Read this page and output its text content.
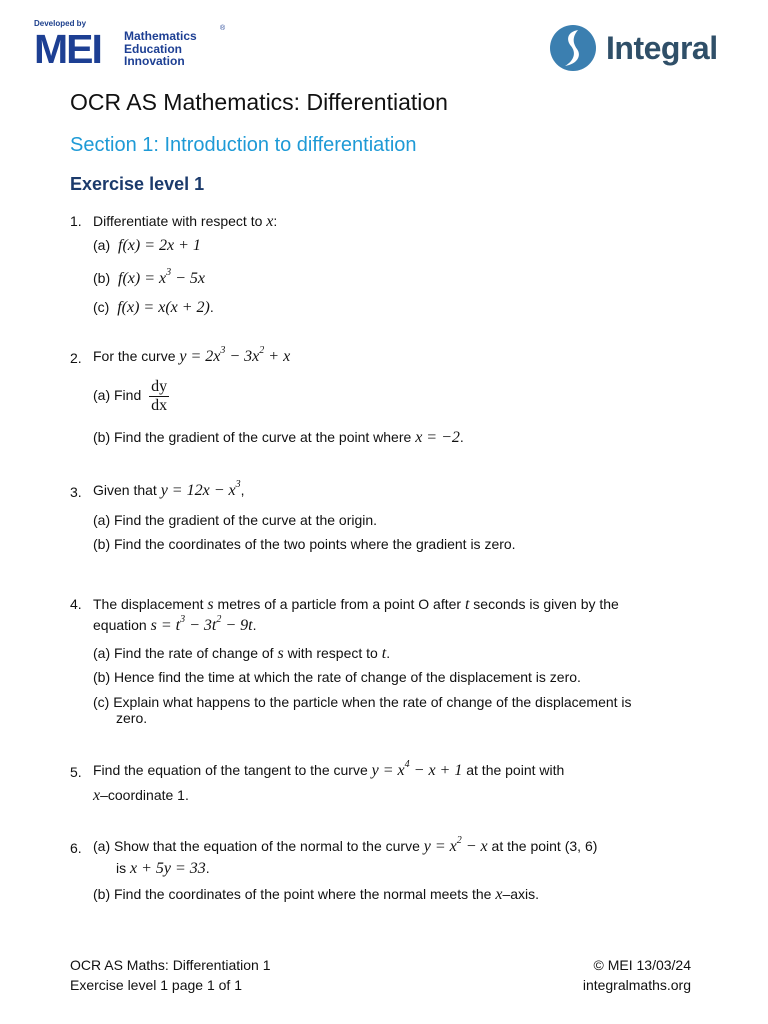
Developed by
MEI Mathematics
Education
Innovation
®
Integral
OCR AS Mathematics: Differentiation
Section 1: Introduction to differentiation
Exercise level 1
1. Differentiate with respect to x:
(a) f(x) = 2x + 1
(b) $f(x) = x^3 - 5x$
(c) f(x) = x(x + 2).
2. For the curve $y = 2x^3 - 3x^2 + x$
(a) Find $\frac{dy}{dx}$
(b) Find the gradient of the curve at the point where x = −2.
3. Given that $y = 12x - x^3$,
(a) Find the gradient of the curve at the origin.
(b) Find the coordinates of the two points where the gradient is zero.
4. The displacement s metres of a particle from a point O after t seconds is given by the
equation $s = t^3 - 3t^2 - 9t$.
(a) Find the rate of change of s with respect to t.
(b) Hence find the time at which the rate of change of the displacement is zero.
(c) Explain what happens to the particle when the rate of change of the displacement is
zero.
5. Find the equation of the tangent to the curve $y = x^4 - x + 1$ at the point with
x–coordinate 1.
6. (a) Show that the equation of the normal to the curve $y = x^2 - x$ at the point (3, 6)
is x + 5y = 33.
(b) Find the coordinates of the point where the normal meets the x–axis.
OCR AS Maths: Differentiation 1
Exercise level 1 page 1 of 1
© MEI 13/03/24
integralmaths.org
